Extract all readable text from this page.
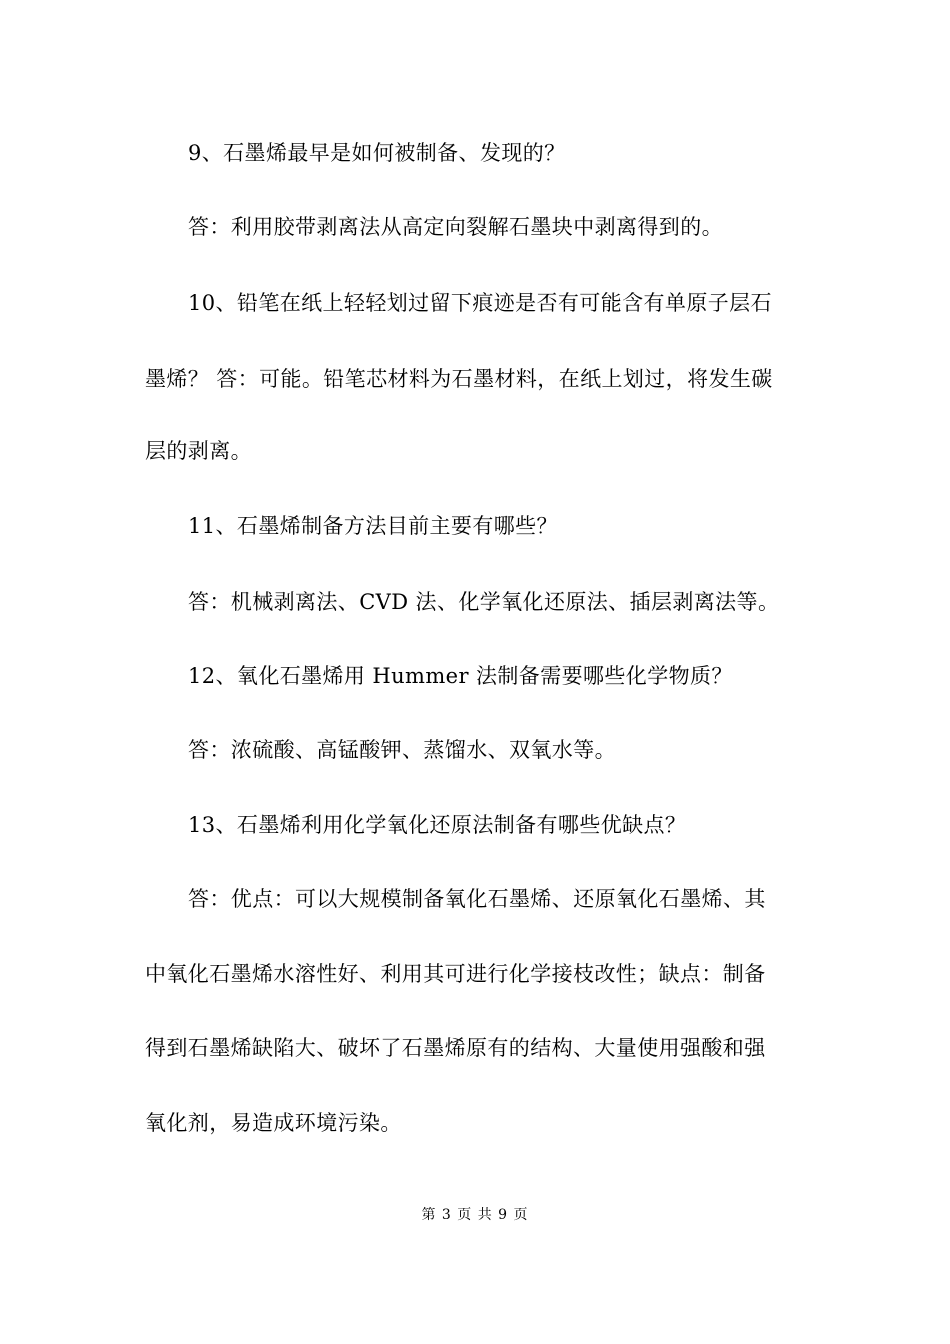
9、石墨烯最早是如何被制备、发现的？
答：利用胶带剥离法从高定向裂解石墨块中剥离得到的。
10、铅笔在纸上轻轻划过留下痕迹是否有可能含有单原子层石
墨烯？ 答：可能。铅笔芯材料为石墨材料，在纸上划过，将发生碳
层的剥离。
11、石墨烯制备方法目前主要有哪些？
答：机械剥离法、CVD 法、化学氧化还原法、插层剥离法等。
12、氧化石墨烯用 Hummer 法制备需要哪些化学物质？
答：浓硫酸、高锰酸钾、蒸馏水、双氧水等。
13、石墨烯利用化学氧化还原法制备有哪些优缺点？
答：优点：可以大规模制备氧化石墨烯、还原氧化石墨烯、其
中氧化石墨烯水溶性好、利用其可进行化学接枝改性；缺点：制备
得到石墨烯缺陷大、破坏了石墨烯原有的结构、大量使用强酸和强
氧化剂，易造成环境污染。
第 3 页 共 9 页
